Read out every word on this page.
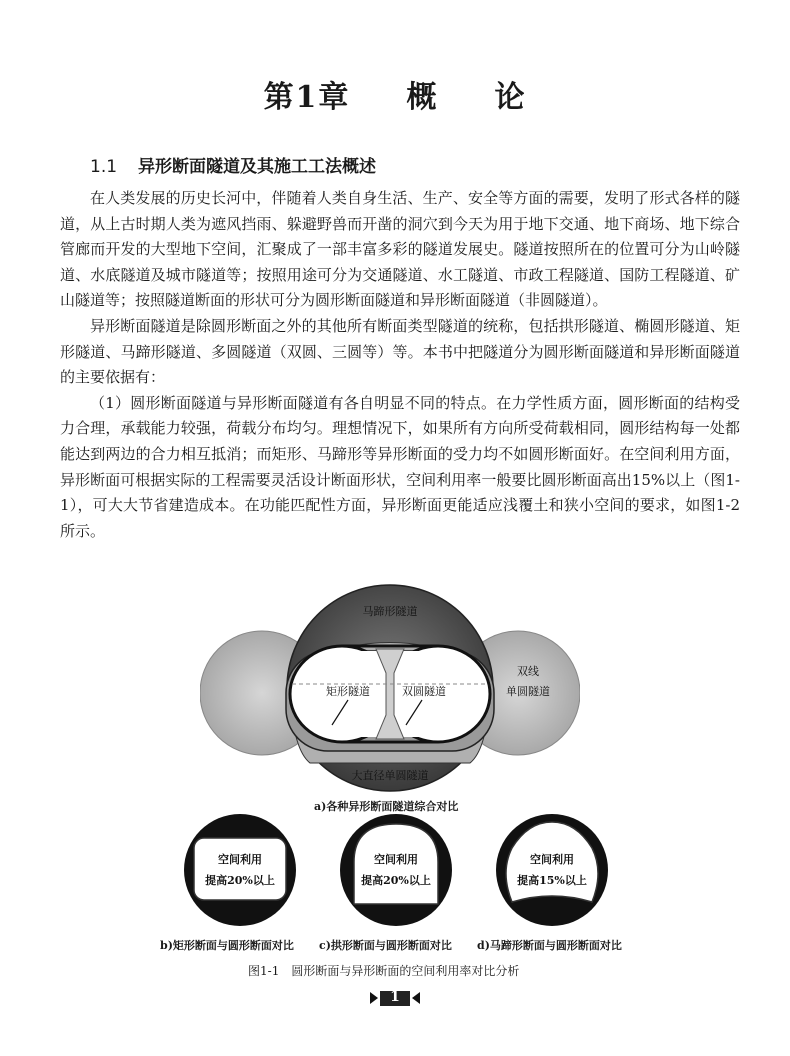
第1章 概 论
1.1 异形断面隧道及其施工工法概述

在人类发展的历史长河中，伴随着人类自身生活、生产、安全等方面的需要，发明了形式各样的隧道，从上古时期人类为遮风挡雨、躲避野兽而开凿的洞穴到今天为用于地下交通、地下商场、地下综合管廊而开发的大型地下空间，汇聚成了一部丰富多彩的隧道发展史。隧道按照所在的位置可分为山岭隧道、水底隧道及城市隧道等；按照用途可分为交通隧道、水工隧道、市政工程隧道、国防工程隧道、矿山隧道等；按照隧道断面的形状可分为圆形断面隧道和异形断面隧道（非圆隧道）。

异形断面隧道是除圆形断面之外的其他所有断面类型隧道的统称，包括拱形隧道、椭圆形隧道、矩形隧道、马蹄形隧道、多圆隧道（双圆、三圆等）等。本书中把隧道分为圆形断面隧道和异形断面隧道的主要依据有：

（1）圆形断面隧道与异形断面隧道有各自明显不同的特点。在力学性质方面，圆形断面的结构受力合理，承载能力较强，荷载分布均匀。理想情况下，如果所有方向所受荷载相同，圆形结构每一处都能达到两边的合力相互抵消；而矩形、马蹄形等异形断面的受力均不如圆形断面好。在空间利用方面，异形断面可根据实际的工程需要灵活设计断面形状，空间利用率一般要比圆形断面高出15%以上（图1-1），可大大节省建造成本。在功能匹配性方面，异形断面更能适应浅覆土和狭小空间的要求，如图1-2所示。

马蹄形隧道
矩形隧道	双圆隧道
双线
单圆隧道
大直径单圆隧道
a)各种异形断面隧道综合对比
空间利用
提高20%以上
空间利用
提高20%以上
空间利用
提高15%以上
b)矩形断面与圆形断面对比 c)拱形断面与圆形断面对比 d)马蹄形断面与圆形断面对比
图1-1　圆形断面与异形断面的空间利用率对比分析
1
